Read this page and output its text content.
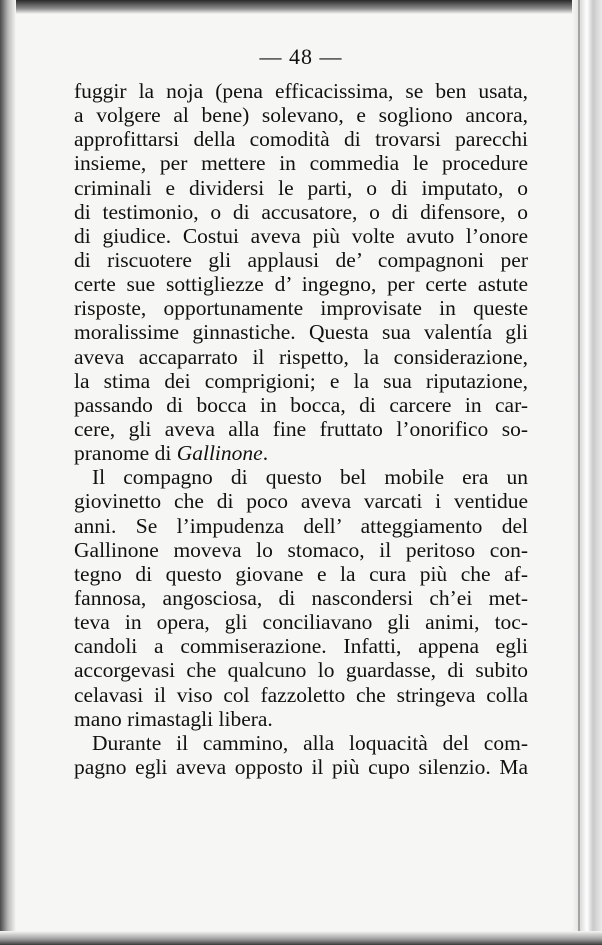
— 48 —
fuggir la noja (pena efficacissima, se ben usata,
a volgere al bene) solevano, e sogliono ancora,
approfittarsi della comodità di trovarsi parecchi
insieme, per mettere in commedia le procedure
criminali e dividersi le parti, o di imputato, o
di testimonio, o di accusatore, o di difensore, o
di giudice. Costui aveva più volte avuto l’onore
di riscuotere gli applausi de’ compagnoni per
certe sue sottigliezze d’ ingegno, per certe astute
risposte, opportunamente improvisate in queste
moralissime ginnastiche. Questa sua valentía gli
aveva accaparrato il rispetto, la considerazione,
la stima dei comprigioni; e la sua riputazione,
passando di bocca in bocca, di carcere in car-
cere, gli aveva alla fine fruttato l’onorifico so-
pranome di Gallinone.
Il compagno di questo bel mobile era un
giovinetto che di poco aveva varcati i ventidue
anni. Se l’impudenza dell’ atteggiamento del
Gallinone moveva lo stomaco, il peritoso con-
tegno di questo giovane e la cura più che af-
fannosa, angosciosa, di nascondersi ch’ei met-
teva in opera, gli conciliavano gli animi, toc-
candoli a commiserazione. Infatti, appena egli
accorgevasi che qualcuno lo guardasse, di subito
celavasi il viso col fazzoletto che stringeva colla
mano rimastagli libera.
Durante il cammino, alla loquacità del com-
pagno egli aveva opposto il più cupo silenzio. Ma
